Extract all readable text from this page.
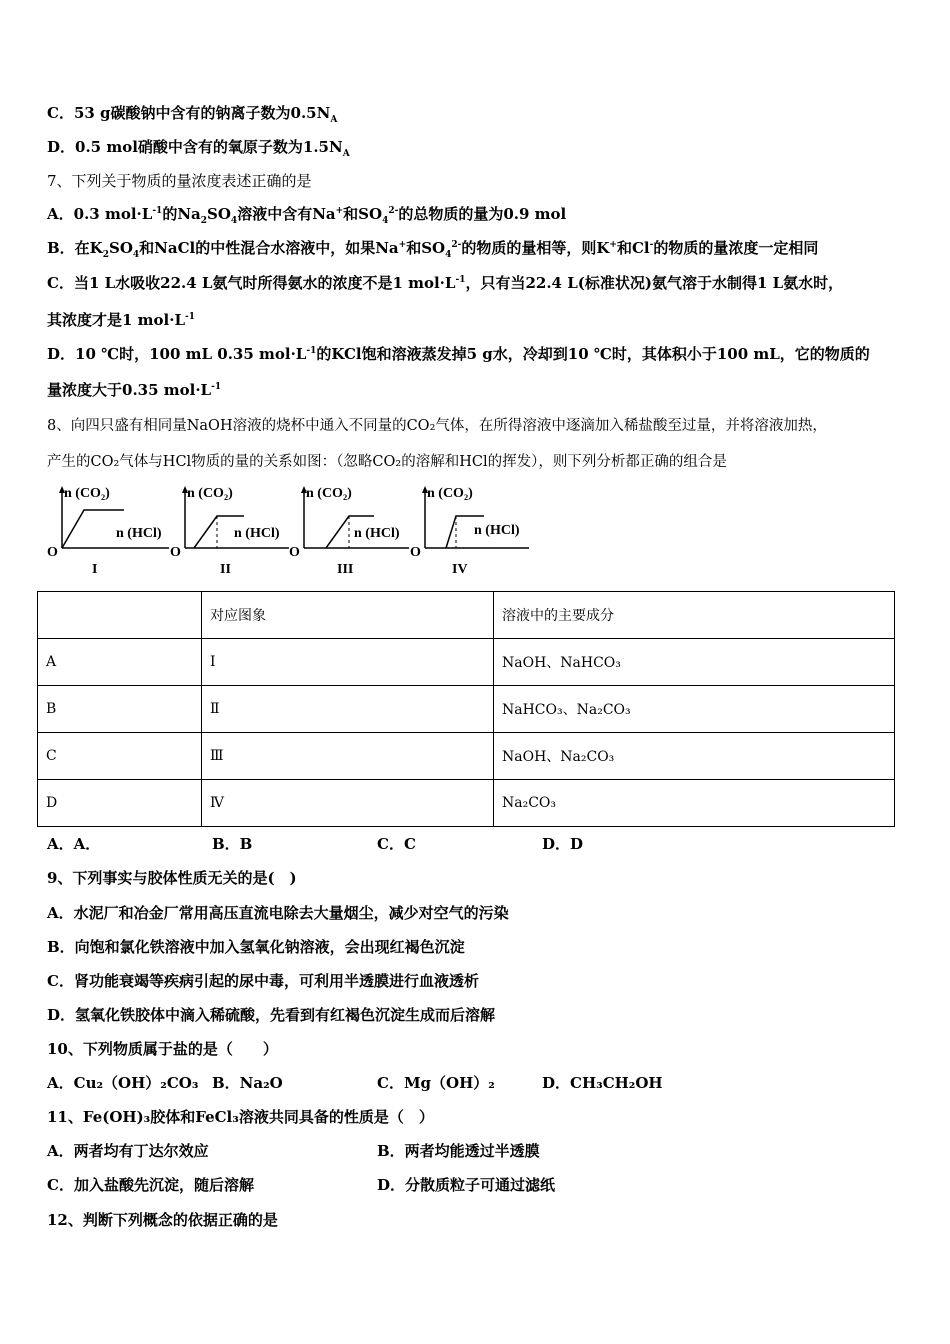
C．53 g碳酸钠中含有的钠离子数为$0.5N_A$
D．0.5 mol硝酸中含有的氧原子数为$1.5N_A$
7、下列关于物质的量浓度表述正确的是
A．0.3 $mol\cdot L^{-1}$的$Na_2SO_4$溶液中含有Na+和$SO_4^{2-}$的总物质的量为0.9 mol
B．在$K_2SO_4$和NaCl的中性混合水溶液中，如果Na+和$SO_4^{2-}$的物质的量相等，则K+和Cl-的物质的量浓度一定相同
C．当1 L水吸收22.4 L氨气时所得氨水的浓度不是1 $mol\cdot L^{-1}$，只有当22.4 L(标准状况)氨气溶于水制得1 L氨水时，
其浓度才是1 $mol\cdot L^{-1}$
D．10 ℃时，100 mL 0.35 $mol\cdot L^{-1}$的KCl饱和溶液蒸发掉5 g水，冷却到10 ℃时，其体积小于100 mL，它的物质的
量浓度大于0.35 $mol\cdot L^{-1}$
8、向四只盛有相同量NaOH溶液的烧杯中通入不同量的CO₂气体，在所得溶液中逐滴加入稀盐酸至过量，并将溶液加热，
产生的CO₂气体与HCl物质的量的关系如图：（忽略CO₂的溶解和HCl的挥发），则下列分析都正确的组合是
n (CO₂)
n (HCl)
O
I
n (CO₂)
n (HCl)
O
II
n (CO₂)
n (HCl)
O
III
n (CO₂)
n (HCl)
O
IV
	对应图象	溶液中的主要成分
A	Ⅰ	NaOH、NaHCO₃
B	Ⅱ	NaHCO₃、Na₂CO₃
C	Ⅲ	NaOH、Na₂CO₃
D	Ⅳ	Na₂CO₃
A．A．	B．B	C．C	D．D
9、下列事实与胶体性质无关的是(　)
A．水泥厂和冶金厂常用高压直流电除去大量烟尘，减少对空气的污染
B．向饱和氯化铁溶液中加入氢氧化钠溶液，会出现红褐色沉淀
C．肾功能衰竭等疾病引起的尿中毒，可利用半透膜进行血液透析
D．氢氧化铁胶体中滴入稀硫酸，先看到有红褐色沉淀生成而后溶解
10、下列物质属于盐的是（　　）
A．Cu₂（OH）₂CO₃ B．Na₂O	C．Mg（OH）₂	D．CH₃CH₂OH
11、Fe(OH)₃胶体和FeCl₃溶液共同具备的性质是（　）
A．两者均有丁达尔效应	B．两者均能透过半透膜
C．加入盐酸先沉淀，随后溶解	D．分散质粒子可通过滤纸
12、判断下列概念的依据正确的是
